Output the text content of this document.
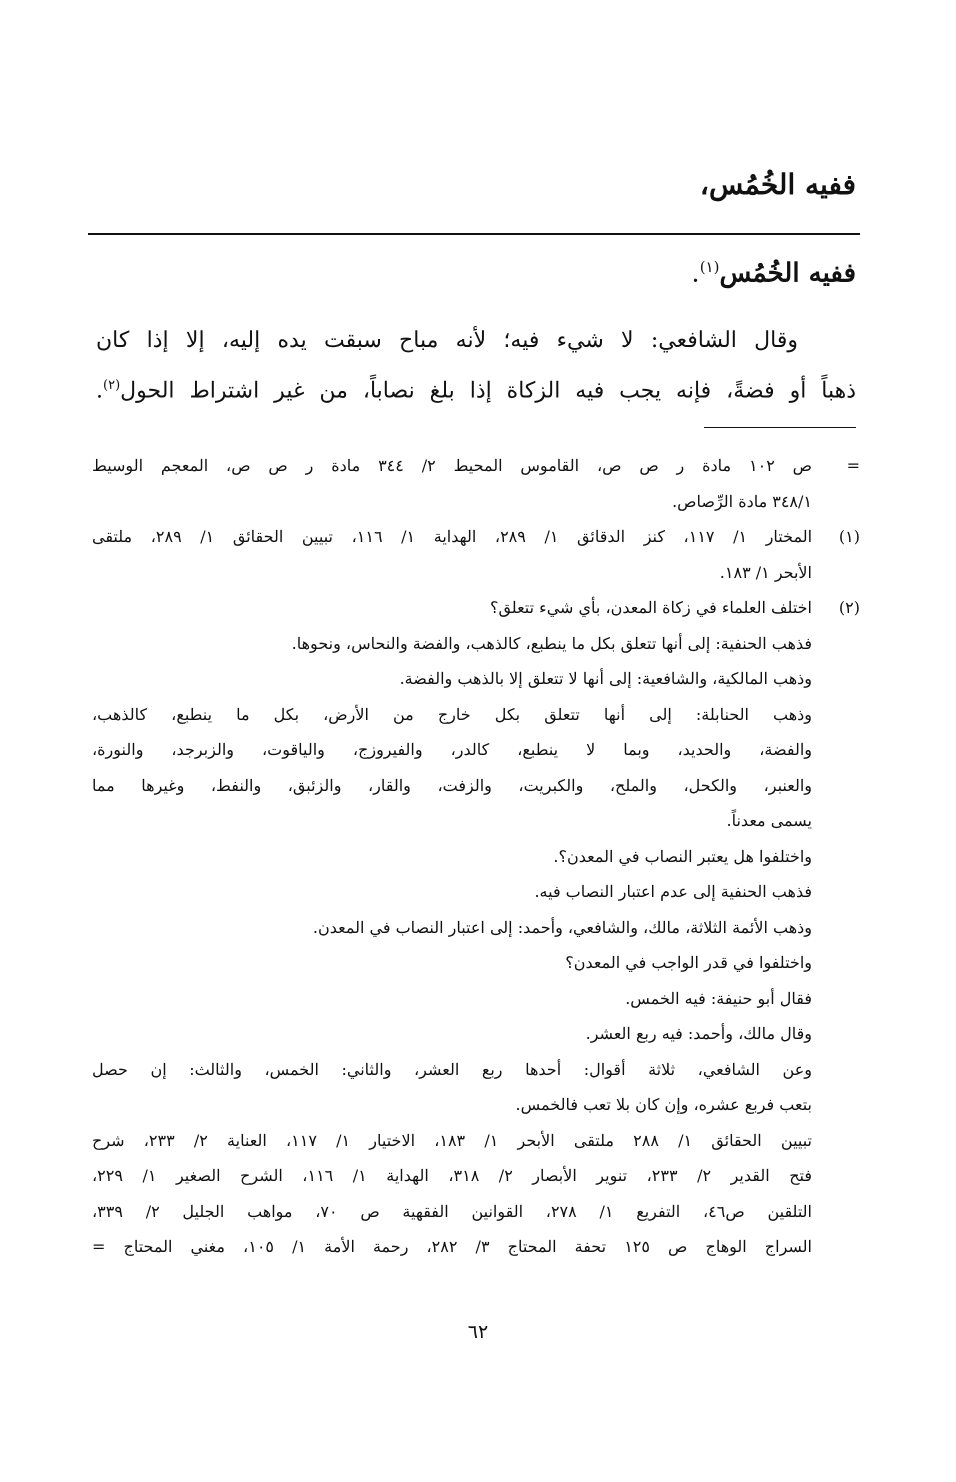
ففيه الخُمُس،
ففيه الخُمُس$^{(١)}$.

وقال الشافعي: لا شيء فيه؛ لأنه مباح سبقت يده إليه، إلا إذا كان

ذهباً أو فضةً، فإنه يجب فيه الزكاة إذا بلغ نصاباً، من غير اشتراط الحول$^{(٢)}$.

=
ص ١٠٢ مادة ر ص ص، القاموس المحيط ٢/ ٣٤٤ مادة ر ص ص، المعجم الوسيط
٣٤٨/١ مادة الرِّصاص.
(١)
المختار ١/ ١١٧، كنز الدقائق ١/ ٢٨٩، الهداية ١/ ١١٦، تبيين الحقائق ١/ ٢٨٩، ملتقى
الأبحر ١/ ١٨٣.
(٢)
اختلف العلماء في زكاة المعدن، بأي شيء تتعلق؟
فذهب الحنفية: إلى أنها تتعلق بكل ما ينطبع، كالذهب، والفضة والنحاس، ونحوها.
وذهب المالكية، والشافعية: إلى أنها لا تتعلق إلا بالذهب والفضة.
وذهب الحنابلة: إلى أنها تتعلق بكل خارج من الأرض، بكل ما ينطبع، كالذهب،
والفضة، والحديد، وبما لا ينطبع، كالدر، والفيروزج، والياقوت، والزبرجد، والنورة،
والعنبر، والكحل، والملح، والكبريت، والزفت، والقار، والزئبق، والنفط، وغيرها مما
يسمى معدناً.
واختلفوا هل يعتبر النصاب في المعدن؟.
فذهب الحنفية إلى عدم اعتبار النصاب فيه.
وذهب الأئمة الثلاثة، مالك، والشافعي، وأحمد: إلى اعتبار النصاب في المعدن.
واختلفوا في قدر الواجب في المعدن؟
فقال أبو حنيفة: فيه الخمس.
وقال مالك، وأحمد: فيه ربع العشر.
وعن الشافعي، ثلاثة أقوال: أحدها ربع العشر، والثاني: الخمس، والثالث: إن حصل
بتعب فربع عشره، وإن كان بلا تعب فالخمس.
تبيين الحقائق ١/ ٢٨٨ ملتقى الأبحر ١/ ١٨٣، الاختيار ١/ ١١٧، العناية ٢/ ٢٣٣، شرح
فتح القدير ٢/ ٢٣٣، تنوير الأبصار ٢/ ٣١٨، الهداية ١/ ١١٦، الشرح الصغير ١/ ٢٢٩،
التلقين ص٤٦، التفريع ١/ ٢٧٨، القوانين الفقهية ص ٧٠، مواهب الجليل ٢/ ٣٣٩،
السراج الوهاج ص ١٢٥ تحفة المحتاج ٣/ ٢٨٢، رحمة الأمة ١/ ١٠٥، مغني المحتاج =
٦٢
